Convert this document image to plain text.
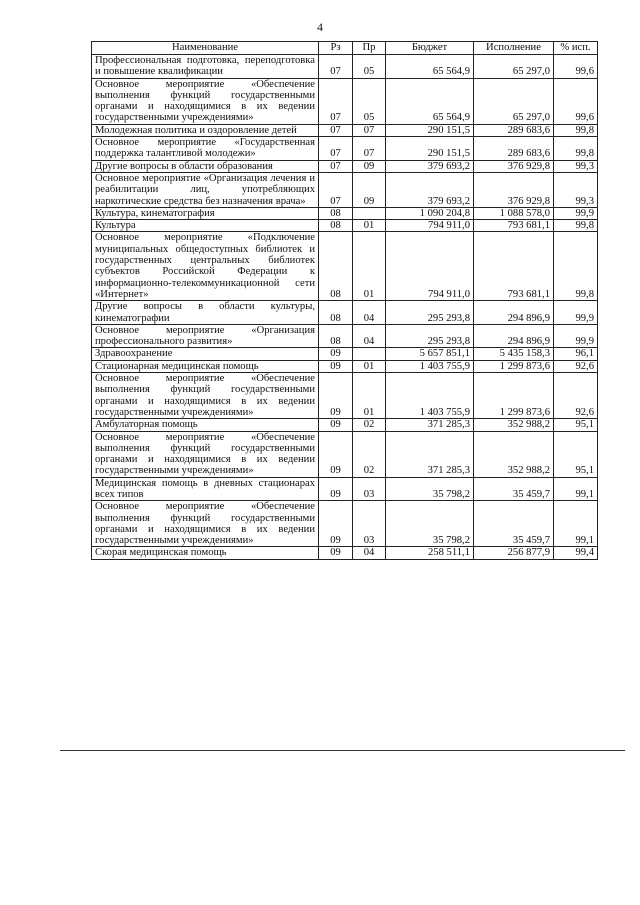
4
Наименование	Рз	Пр	Бюджет	Исполнение	% исп.
Профессиональная подготовка, переподготовка и повышение квалификации	07	05	65 564,9	65 297,0	99,6
Основное мероприятие «Обеспечение выполнения функций государственными органами и находящимися в их ведении государственными учреждениями»	07	05	65 564,9	65 297,0	99,6
Молодежная политика и оздоровление детей	07	07	290 151,5	289 683,6	99,8
Основное мероприятие «Государственная поддержка талантливой молодежи»	07	07	290 151,5	289 683,6	99,8
Другие вопросы в области образования	07	09	379 693,2	376 929,8	99,3
Основное мероприятие «Организация лечения и реабилитации лиц, употребляющих наркотические средства без назначения врача»	07	09	379 693,2	376 929,8	99,3
Культура, кинематография	08		1 090 204,8	1 088 578,0	99,9
Культура	08	01	794 911,0	793 681,1	99,8
Основное мероприятие «Подключение муниципальных общедоступных библиотек и государственных центральных библиотек субъектов Российской Федерации к информационно-телекоммуникационной сети «Интернет»	08	01	794 911,0	793 681,1	99,8
Другие вопросы в области культуры, кинематографии	08	04	295 293,8	294 896,9	99,9
Основное мероприятие «Организация профессионального развития»	08	04	295 293,8	294 896,9	99,9
Здравоохранение	09		5 657 851,1	5 435 158,3	96,1
Стационарная медицинская помощь	09	01	1 403 755,9	1 299 873,6	92,6
Основное мероприятие «Обеспечение выполнения функций государственными органами и находящимися в их ведении государственными учреждениями»	09	01	1 403 755,9	1 299 873,6	92,6
Амбулаторная помощь	09	02	371 285,3	352 988,2	95,1
Основное мероприятие «Обеспечение выполнения функций государственными органами и находящимися в их ведении государственными учреждениями»	09	02	371 285,3	352 988,2	95,1
Медицинская помощь в дневных стационарах всех типов	09	03	35 798,2	35 459,7	99,1
Основное мероприятие «Обеспечение выполнения функций государственными органами и находящимися в их ведении государственными учреждениями»	09	03	35 798,2	35 459,7	99,1
Скорая медицинская помощь	09	04	258 511,1	256 877,9	99,4
